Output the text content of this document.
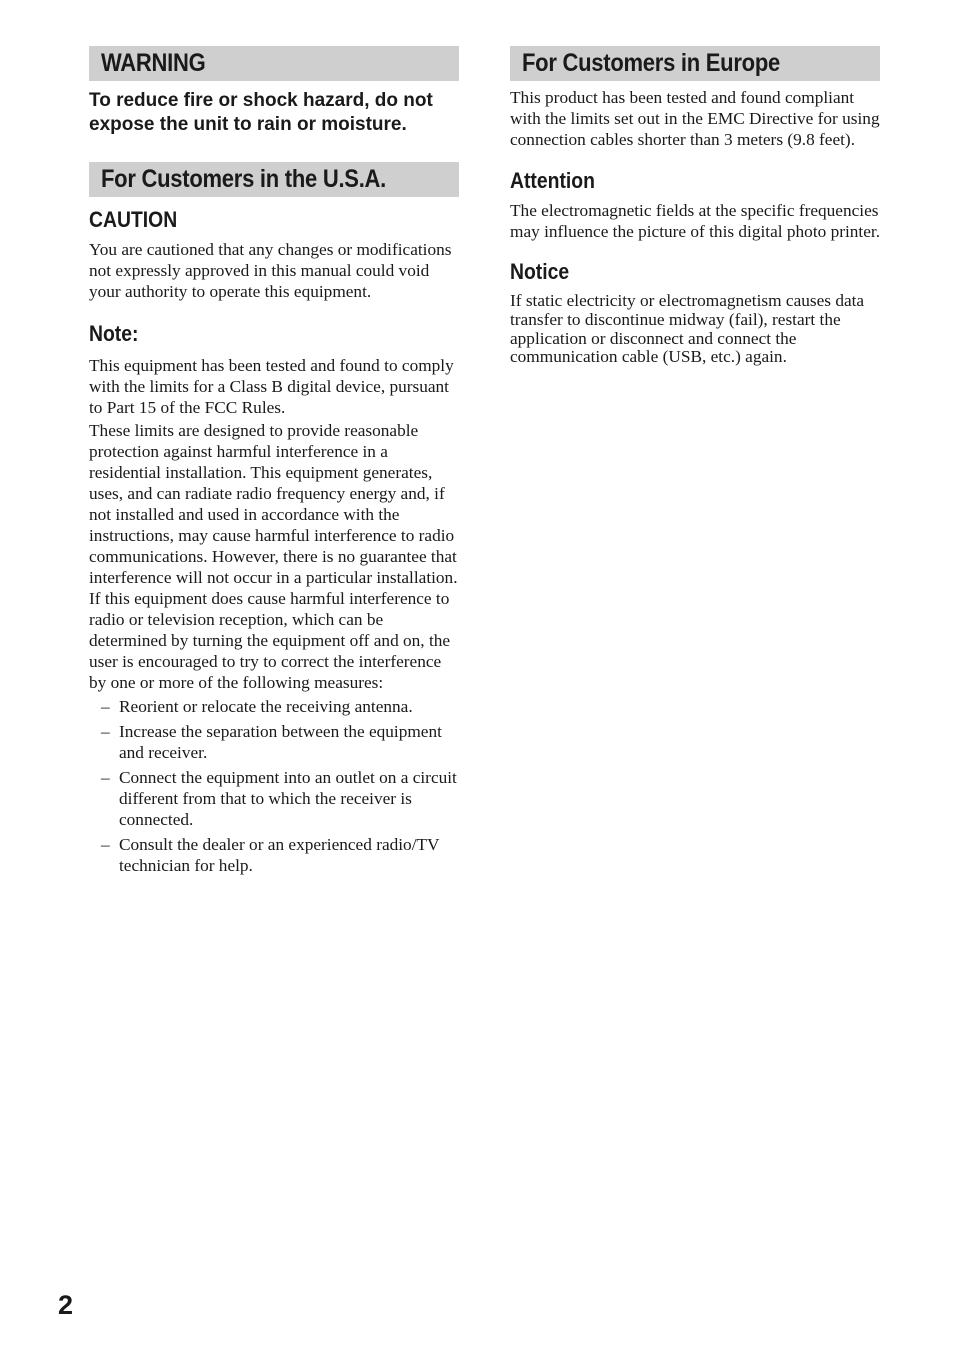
WARNING

To reduce fire or shock hazard, do not expose the unit to rain or moisture.

For Customers in the U.S.A.
CAUTION

You are cautioned that any changes or modifications not expressly approved in this manual could void your authority to operate this equipment.

Note:

This equipment has been tested and found to comply with the limits for a Class B digital device, pursuant to Part 15 of the FCC Rules.

These limits are designed to provide reasonable protection against harmful interference in a residential installation. This equipment generates, uses, and can radiate radio frequency energy and, if not installed and used in accordance with the instructions, may cause harmful interference to radio communications. However, there is no guarantee that interference will not occur in a particular installation. If this equipment does cause harmful interference to radio or television reception, which can be determined by turning the equipment off and on, the user is encouraged to try to correct the interference by one or more of the following measures:

– Reorient or relocate the receiving antenna.
– Increase the separation between the equipment and receiver.
– Connect the equipment into an outlet on a circuit different from that to which the receiver is connected.
– Consult the dealer or an experienced radio/TV technician for help.
For Customers in Europe

This product has been tested and found compliant with the limits set out in the EMC Directive for using connection cables shorter than 3 meters (9.8 feet).

Attention

The electromagnetic fields at the specific frequencies may influence the picture of this digital photo printer.

Notice

If static electricity or electromagnetism causes data transfer to discontinue midway (fail), restart the application or disconnect and connect the communication cable (USB, etc.) again.

2
